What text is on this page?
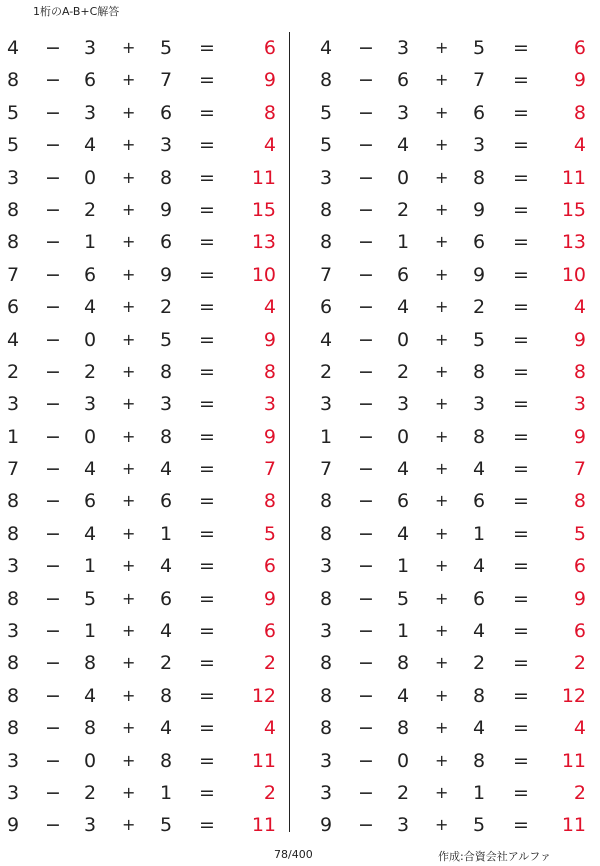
1桁のA-B+C解答
4 − 3 + 5 =	6
8 − 6 + 7 =	9
5 − 3 + 6 =	8
5 − 4 + 3 =	4
3 − 0 + 8 =	11
8 − 2 + 9 =	15
8 − 1 + 6 =	13
7 − 6 + 9 =	10
6 − 4 + 2 =	4
4 − 0 + 5 =	9
2 − 2 + 8 =	8
3 − 3 + 3 =	3
1 − 0 + 8 =	9
7 − 4 + 4 =	7
8 − 6 + 6 =	8
8 − 4 + 1 =	5
3 − 1 + 4 =	6
8 − 5 + 6 =	9
3 − 1 + 4 =	6
8 − 8 + 2 =	2
8 − 4 + 8 =	12
8 − 8 + 4 =	4
3 − 0 + 8 =	11
3 − 2 + 1 =	2
9 − 3 + 5 =	11
4 − 3 + 5 =	6
8 − 6 + 7 =	9
5 − 3 + 6 =	8
5 − 4 + 3 =	4
3 − 0 + 8 =	11
8 − 2 + 9 =	15
8 − 1 + 6 =	13
7 − 6 + 9 =	10
6 − 4 + 2 =	4
4 − 0 + 5 =	9
2 − 2 + 8 =	8
3 − 3 + 3 =	3
1 − 0 + 8 =	9
7 − 4 + 4 =	7
8 − 6 + 6 =	8
8 − 4 + 1 =	5
3 − 1 + 4 =	6
8 − 5 + 6 =	9
3 − 1 + 4 =	6
8 − 8 + 2 =	2
8 − 4 + 8 =	12
8 − 8 + 4 =	4
3 − 0 + 8 =	11
3 − 2 + 1 =	2
9 − 3 + 5 =	11
78/400	作成:合資会社アルファ
